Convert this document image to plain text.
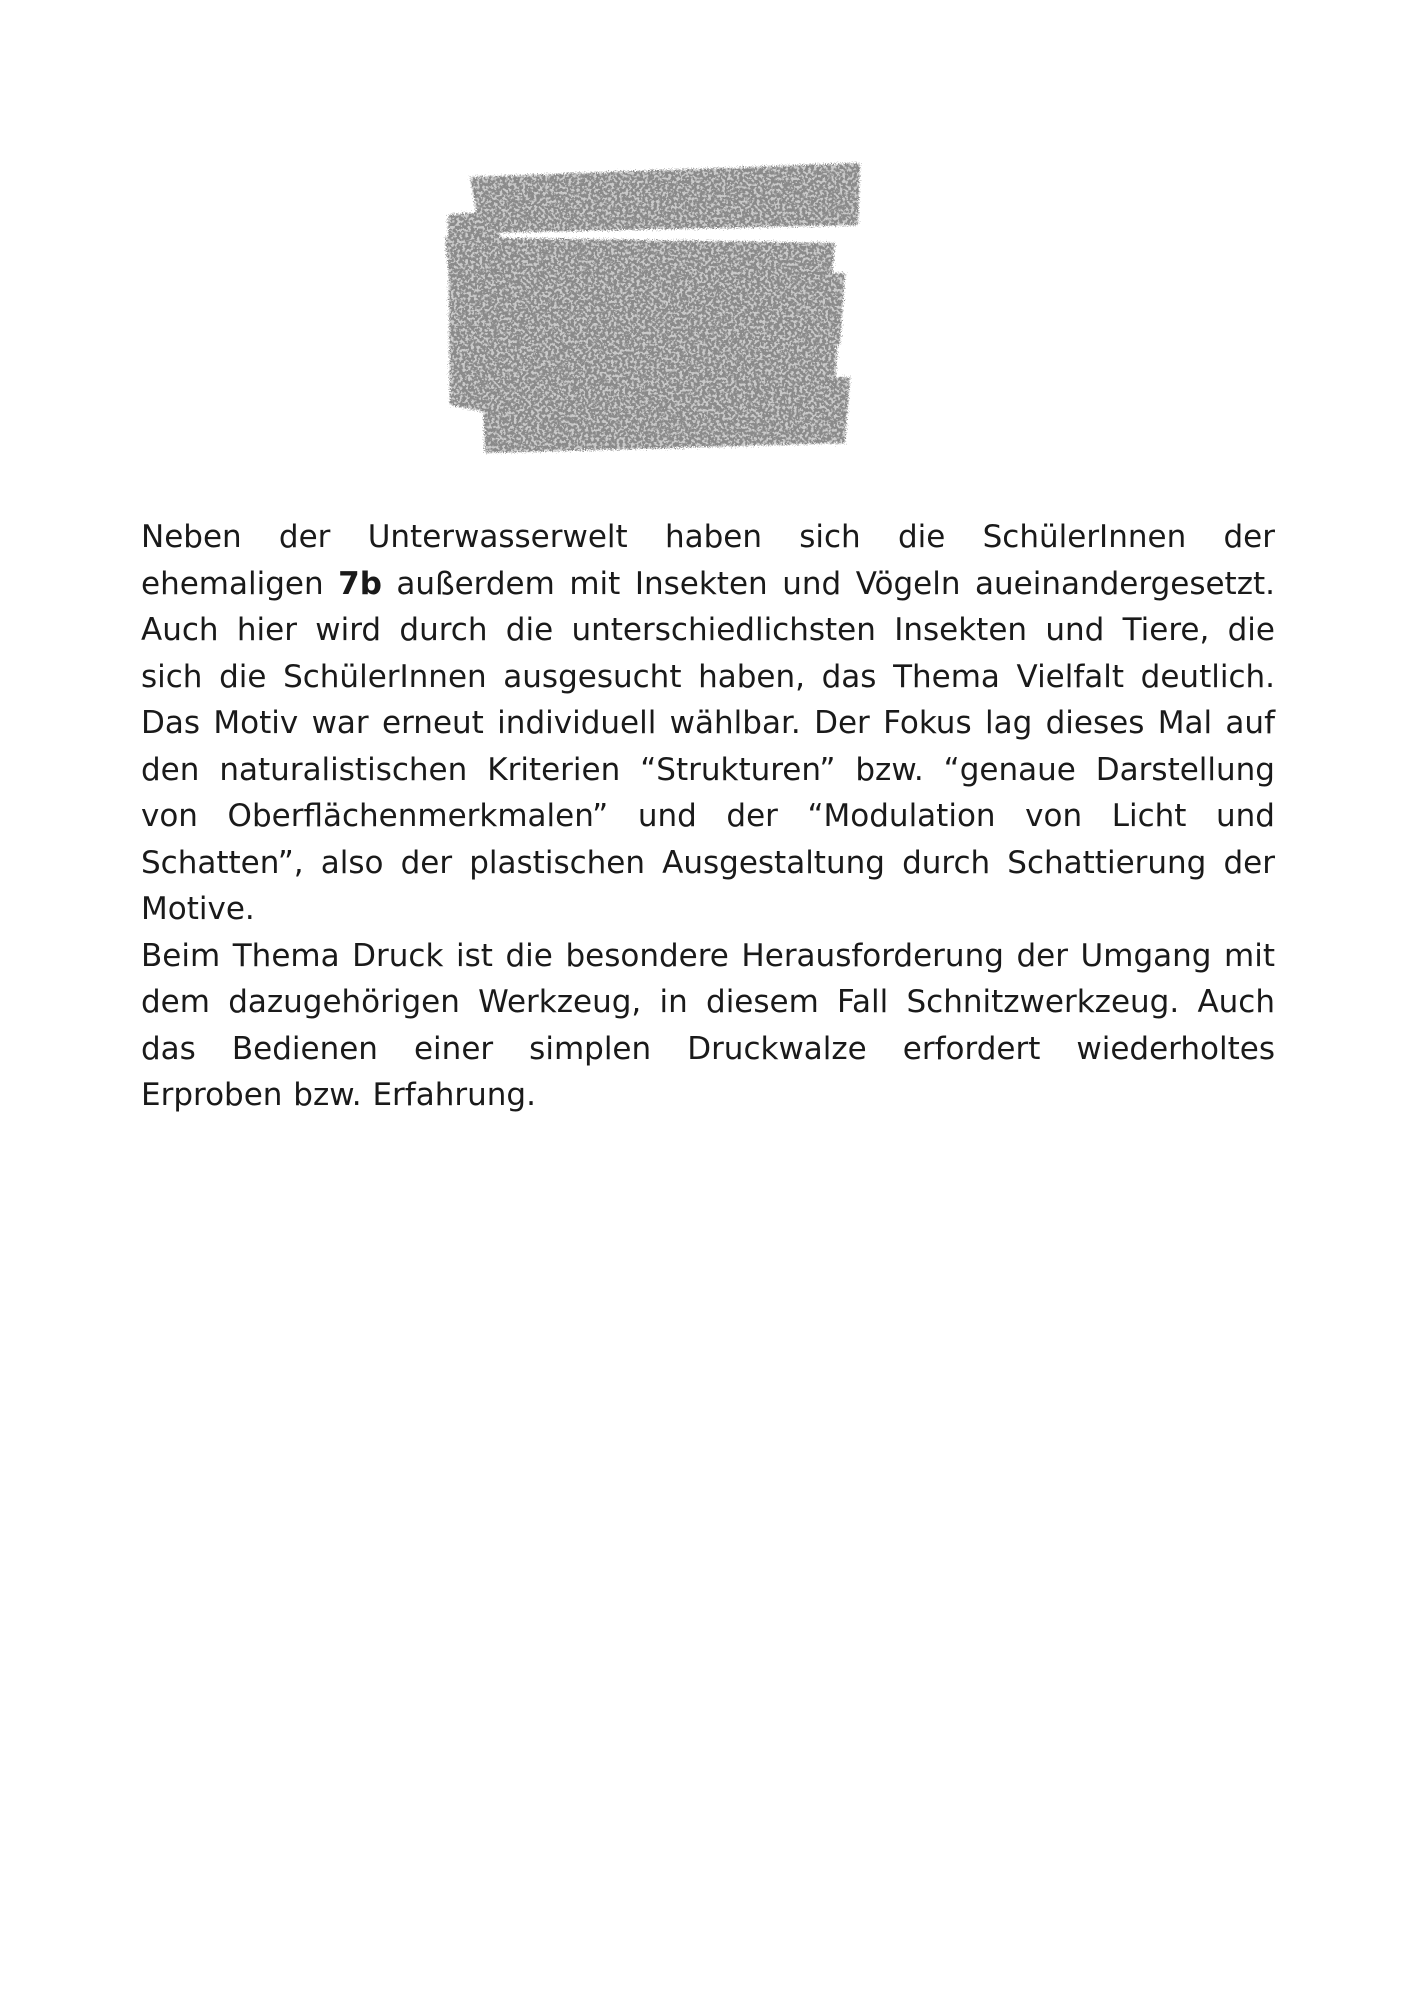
Neben der Unterwasserwelt haben sich die SchülerInnen der ehemaligen 7b außerdem mit Insekten und Vögeln aueinandergesetzt. Auch hier wird durch die unterschiedlichsten Insekten und Tiere, die sich die SchülerInnen ausgesucht haben, das Thema Vielfalt deutlich. Das Motiv war erneut individuell wählbar. Der Fokus lag dieses Mal auf den naturalistischen Kriterien “Strukturen” bzw. “genaue Darstellung von Oberflächenmerkmalen” und der “Modulation von Licht und Schatten”, also der plastischen Ausgestaltung durch Schattierung der Motive.

Beim Thema Druck ist die besondere Herausforderung der Umgang mit dem dazugehörigen Werkzeug, in diesem Fall Schnitzwerkzeug. Auch das Bedienen einer simplen Druckwalze erfordert wiederholtes Erproben bzw. Erfahrung.
